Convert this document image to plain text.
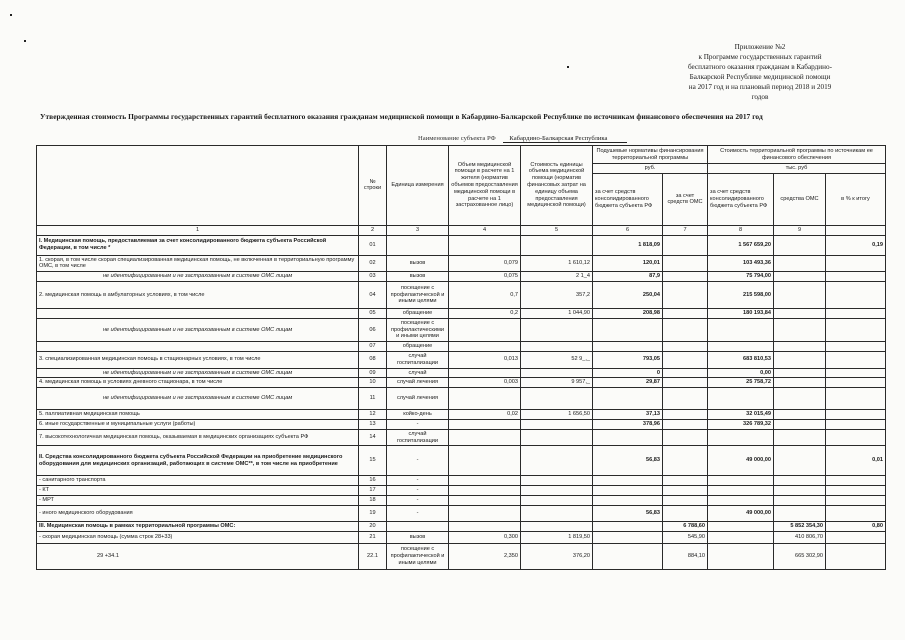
Приложение №2
к Программе государственных гарантий
бесплатного оказания гражданам в Кабардино-
Балкарской Республике медицинской помощи
на 2017 год и на плановый период 2018 и 2019
годов
Утвержденная стоимость Программы государственных гарантий бесплатного оказания гражданам медицинской помощи в Кабардино-Балкарской Республике по источникам финансового обеспечения на 2017 год
Наименование субъекта РФ Кабардино-Балкарская Республика
	№ строки	Единица измерения	Объем медицинской помощи в расчете на 1 жителя (норматив объемов предоставления медицинской помощи в расчете на 1 застрахованное лицо)	Стоимость единицы объема медицинской помощи (норматив финансовых затрат на единицу объема предоставления медицинской помощи)	Подушевые нормативы финансирования территориальной программы		Стоимость территориальной программы по источникам ее финансового обеспечения		
					руб.		тыс. руб		
					за счет средств консолидированного бюджета субъекта РФ	за счет средств ОМС	за счет средств консолидированного бюджета субъекта РФ	средства ОМС	в % к итогу
1	2	3	4	5	6	7	8	9	
I. Медицинская помощь, предоставляемая за счет консолидированного бюджета субъекта Российской Федерации, в том числе *	01				1 818,09		1 567 659,20		0,19
1. скорая, в том числе скорая специализированная медицинская помощь, не включенная в территориальную программу ОМС, в том числе	02	вызов	0,079	1 610,12	120,01		103 493,36		
не идентифицированным и не застрахованным в системе ОМС лицам	03	вызов	0,075	2 1_4	87,9		75 794,00		
2. медицинская помощь в амбулаторных условиях, в том числе	04	посещение с профилактической и иными целями	0,7	357,2	250,04		215 598,00		
	05	обращение	0,2	1 044,90	208,98		180 193,84		
не идентифицированным и не застрахованным в системе ОМС лицам	06	посещение с профилактическими и иными целями							
	07	обращение							
3. специализированная медицинская помощь в стационарных условиях, в том числе	08	случай госпитализации	0,013	52 9_,_	793,05		683 810,53		
не идентифицированным и не застрахованным в системе ОМС лицам	09	случай			0		0,00		
4. медицинская помощь в условиях дневного стационара, в том числе	10	случай лечения	0,003	9 957,_	29,87		25 758,72		
не идентифицированным и не застрахованным в системе ОМС лицам	11	случай лечения							
5. паллиативная медицинская помощь	12	койко-день	0,02	1 656,50	37,13		32 015,49		
6. иные государственные и муниципальные услуги (работы)	13	-			378,96		326 789,32		
7. высокотехнологичная медицинская помощь, оказываемая в медицинских организациях субъекта РФ	14	случай госпитализации							
II. Средства консолидированного бюджета субъекта Российской Федерации на приобретение медицинского оборудования для медицинских организаций, работающих в системе ОМС**, в том числе на приобретение	15	-			56,83		49 000,00		0,01
- санитарного транспорта	16	-							
- КТ	17	-							
- МРТ	18	-							
- иного медицинского оборудования	19	-			56,83		49 000,00		
III. Медицинская помощь в рамках территориальной программы ОМС:	20					6 788,60		5 852 354,30	0,80
- скорая медицинская помощь (сумма строк 28+33)	21	вызов	0,300	1 819,50		545,90		410 806,70	
29 +34.1	22.1	посещение с профилактической и иными целями	2,350	376,20		884,10		665 302,90	
